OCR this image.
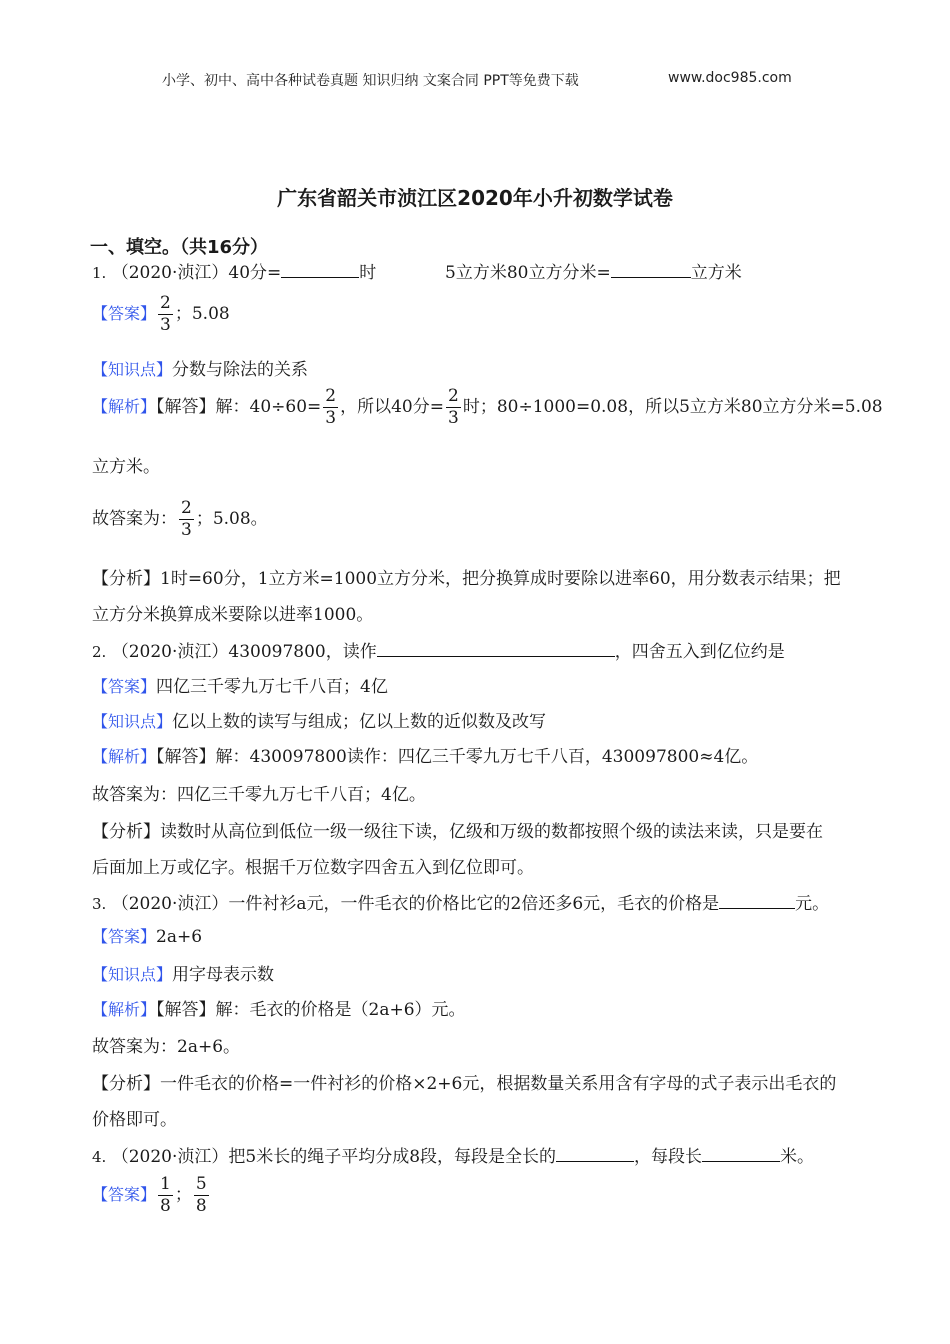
小学、初中、高中各种试卷真题 知识归纳 文案合同 PPT等免费下载	www.doc985.com
广东省韶关市浈江区2020年小升初数学试卷
一、填空。（共16分）
1. （2020·浈江）40分=	时	5立方米80立方分米=	立方米
【答案】 $\frac{2}{3}$ ；5.08
【知识点】分数与除法的关系
【解析】【解答】解：$40\div 60= \frac{2}{3}$ ，所以40分= $\frac{2}{3}$ 时；80÷1000=0.08，所以5立方米80立方分米=5.08
立方米。
故答案为： $\frac{2}{3}$ ；5.08。
【分析】1时=60分，1立方米=1000立方分米，把分换算成时要除以进率60，用分数表示结果；把
立方分米换算成米要除以进率1000。
2. （2020·浈江）430097800，读作	，四舍五入到亿位约是
【答案】四亿三千零九万七千八百；4亿
【知识点】亿以上数的读写与组成；亿以上数的近似数及改写
【解析】【解答】解：430097800读作：四亿三千零九万七千八百，430097800≈4亿。
故答案为：四亿三千零九万七千八百；4亿。
【分析】读数时从高位到低位一级一级往下读，亿级和万级的数都按照个级的读法来读，只是要在
后面加上万或亿字。根据千万位数字四舍五入到亿位即可。
3. （2020·浈江）一件衬衫a元，一件毛衣的价格比它的2倍还多6元，毛衣的价格是	元。
【答案】2a+6
【知识点】用字母表示数
【解析】【解答】解：毛衣的价格是（2a+6）元。
故答案为：2a+6。
【分析】一件毛衣的价格=一件衬衫的价格×2+6元，根据数量关系用含有字母的式子表示出毛衣的
价格即可。
4. （2020·浈江）把5米长的绳子平均分成8段，每段是全长的	，每段长	米。
【答案】 $\frac{1}{8}$ ； $\frac{5}{8}$
